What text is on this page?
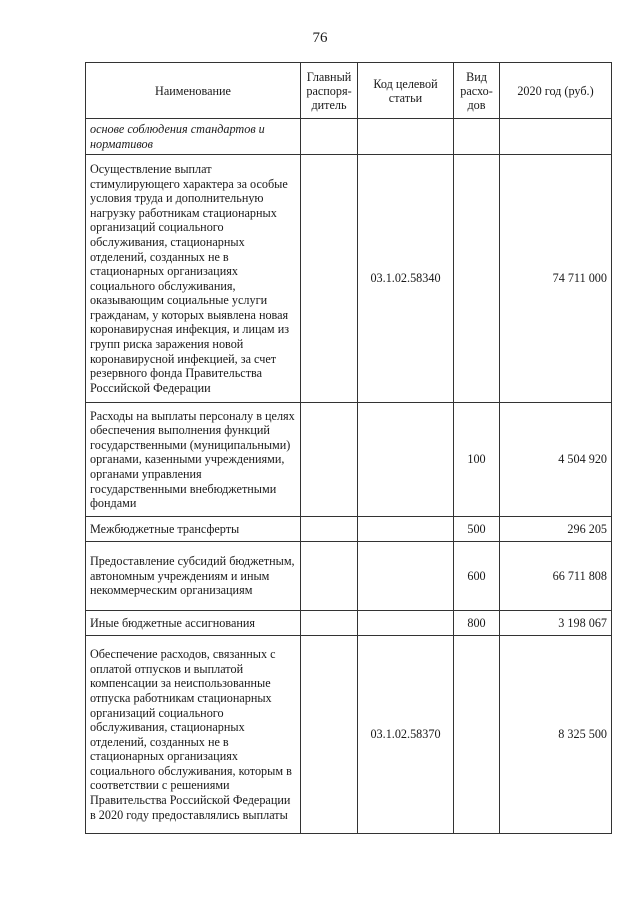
76
Наименование	Главный распоря-дитель	Код целевой статьи	Вид расхо-дов	2020 год (руб.)
основе соблюдения стандартов и нормативов				
Осуществление выплат стимулирующего характера за особые условия труда и дополнительную нагрузку работникам стационарных организаций социального обслуживания, стационарных отделений, созданных не в стационарных организациях социального обслуживания, оказывающим социальные услуги гражданам, у которых выявлена новая коронавирусная инфекция, и лицам из групп риска заражения новой коронавирусной инфекцией, за счет резервного фонда Правительства Российской Федерации		03.1.02.58340		74 711 000
Расходы на выплаты персоналу в целях обеспечения выполнения функций государственными (муниципальными) органами, казенными учреждениями, органами управления государственными внебюджетными фондами			100	4 504 920
Межбюджетные трансферты			500	296 205
Предоставление субсидий бюджетным, автономным учреждениям и иным некоммерческим организациям			600	66 711 808
Иные бюджетные ассигнования			800	3 198 067
Обеспечение расходов, связанных с оплатой отпусков и выплатой компенсации за неиспользованные отпуска работникам стационарных организаций социального обслуживания, стационарных отделений, созданных не в стационарных организациях социального обслуживания, которым в соответствии с решениями Правительства Российской Федерации в 2020 году предоставлялись выплаты		03.1.02.58370		8 325 500
